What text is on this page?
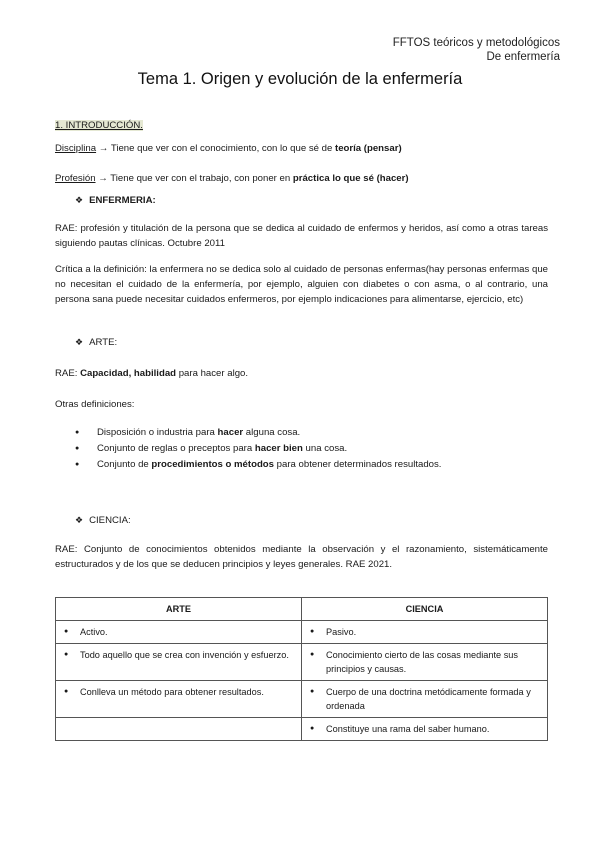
FFTOS teóricos y metodológicos
De enfermería
Tema 1. Origen y evolución de la enfermería
1. INTRODUCCIÓN.
Disciplina → Tiene que ver con el conocimiento, con lo que sé de teoría (pensar)
Profesión → Tiene que ver con el trabajo, con poner en práctica lo que sé (hacer)
❖ ENFERMERIA:
RAE: profesión y titulación de la persona que se dedica al cuidado de enfermos y heridos, así como a otras tareas siguiendo pautas clínicas. Octubre 2011
Crítica a la definición: la enfermera no se dedica solo al cuidado de personas enfermas(hay personas enfermas que no necesitan el cuidado de la enfermería, por ejemplo, alguien con diabetes o con asma, o al contrario, una persona sana puede necesitar cuidados enfermeros, por ejemplo indicaciones para alimentarse, ejercicio, etc)
❖ ARTE:
RAE: Capacidad, habilidad para hacer algo.
Otras definiciones:
● Disposición o industria para hacer alguna cosa.
● Conjunto de reglas o preceptos para hacer bien una cosa.
● Conjunto de procedimientos o métodos para obtener determinados resultados.
❖ CIENCIA:
RAE: Conjunto de conocimientos obtenidos mediante la observación y el razonamiento, sistemáticamente estructurados y de los que se deducen principios y leyes generales. RAE 2021.
ARTE	CIENCIA

● Activo.	● Pasivo.

● Todo aquello que se crea con invención y esfuerzo.	● Conocimiento cierto de las cosas mediante sus principios y causas.

● Conlleva un método para obtener resultados.	● Cuerpo de una doctrina metódicamente formada y ordenada

	● Constituye una rama del saber humano.
